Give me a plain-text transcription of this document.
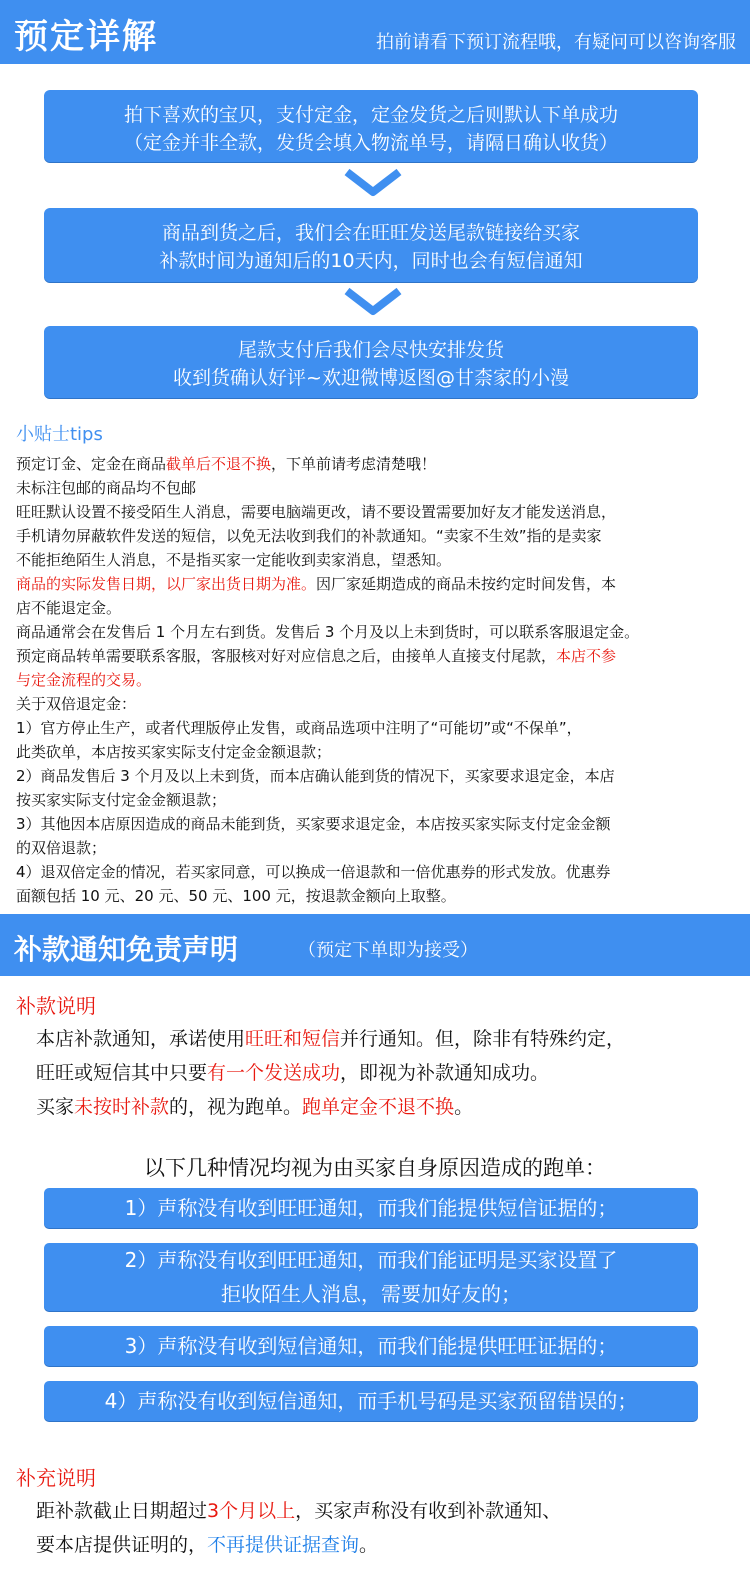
预定详解	拍前请看下预订流程哦，有疑问可以咨询客服
拍下喜欢的宝贝，支付定金，定金发货之后则默认下单成功
（定金并非全款，发货会填入物流单号，请隔日确认收货）
商品到货之后，我们会在旺旺发送尾款链接给买家
补款时间为通知后的10天内，同时也会有短信通知
尾款支付后我们会尽快安排发货
收到货确认好评~欢迎微博返图@甘柰家的小漫
小贴士tips

预定订金、定金在商品截单后不退不换，下单前请考虑清楚哦！

未标注包邮的商品均不包邮

旺旺默认设置不接受陌生人消息，需要电脑端更改，请不要设置需要加好友才能发送消息，

手机请勿屏蔽软件发送的短信，以免无法收到我们的补款通知。“卖家不生效”指的是卖家

不能拒绝陌生人消息，不是指买家一定能收到卖家消息，望悉知。

商品的实际发售日期，以厂家出货日期为准。因厂家延期造成的商品未按约定时间发售，本

店不能退定金。

商品通常会在发售后 1 个月左右到货。发售后 3 个月及以上未到货时，可以联系客服退定金。

预定商品转单需要联系客服，客服核对好对应信息之后，由接单人直接支付尾款，本店不参

与定金流程的交易。

关于双倍退定金：

1）官方停止生产，或者代理版停止发售，或商品选项中注明了“可能切”或“不保单”，

此类砍单，本店按买家实际支付定金金额退款；

2）商品发售后 3 个月及以上未到货，而本店确认能到货的情况下，买家要求退定金，本店

按买家实际支付定金金额退款；

3）其他因本店原因造成的商品未能到货，买家要求退定金，本店按买家实际支付定金金额

的双倍退款；

4）退双倍定金的情况，若买家同意，可以换成一倍退款和一倍优惠券的形式发放。优惠券

面额包括 10 元、20 元、50 元、100 元，按退款金额向上取整。

补款通知免责声明	（预定下单即为接受）
补款说明

本店补款通知，承诺使用旺旺和短信并行通知。但，除非有特殊约定，

旺旺或短信其中只要有一个发送成功，即视为补款通知成功。

买家未按时补款的，视为跑单。跑单定金不退不换。

以下几种情况均视为由买家自身原因造成的跑单：
1）声称没有收到旺旺通知，而我们能提供短信证据的；
2）声称没有收到旺旺通知，而我们能证明是买家设置了
拒收陌生人消息，需要加好友的；
3）声称没有收到短信通知，而我们能提供旺旺证据的；
4）声称没有收到短信通知，而手机号码是买家预留错误的；
补充说明

距补款截止日期超过3个月以上，买家声称没有收到补款通知、

要本店提供证明的，不再提供证据查询。
